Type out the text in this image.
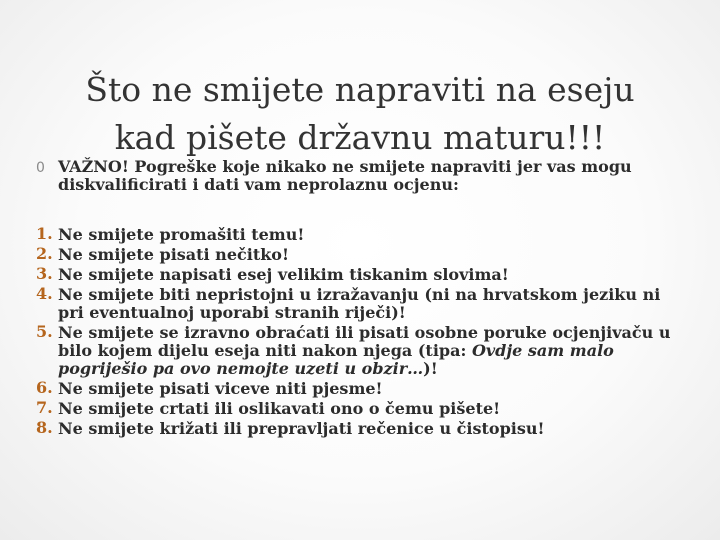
Što ne smijete napraviti na eseju
kad pišete državnu maturu!!!
0 VAŽNO! Pogreške koje nikako ne smijete napraviti jer vas mogu diskvalificirati i dati vam neprolaznu ocjenu:
1. Ne smijete promašiti temu!
2. Ne smijete pisati nečitko!
3. Ne smijete napisati esej velikim tiskanim slovima!
4. Ne smijete biti nepristojni u izražavanju (ni na hrvatskom jeziku ni pri eventualnoj uporabi stranih riječi)!
5. Ne smijete se izravno obraćati ili pisati osobne poruke ocjenjivaču u bilo kojem dijelu eseja niti nakon njega (tipa: Ovdje sam malo pogriješio pa ovo nemojte uzeti u obzir…)!
6. Ne smijete pisati viceve niti pjesme!
7. Ne smijete crtati ili oslikavati ono o čemu pišete!
8. Ne smijete križati ili prepravljati rečenice u čistopisu!
